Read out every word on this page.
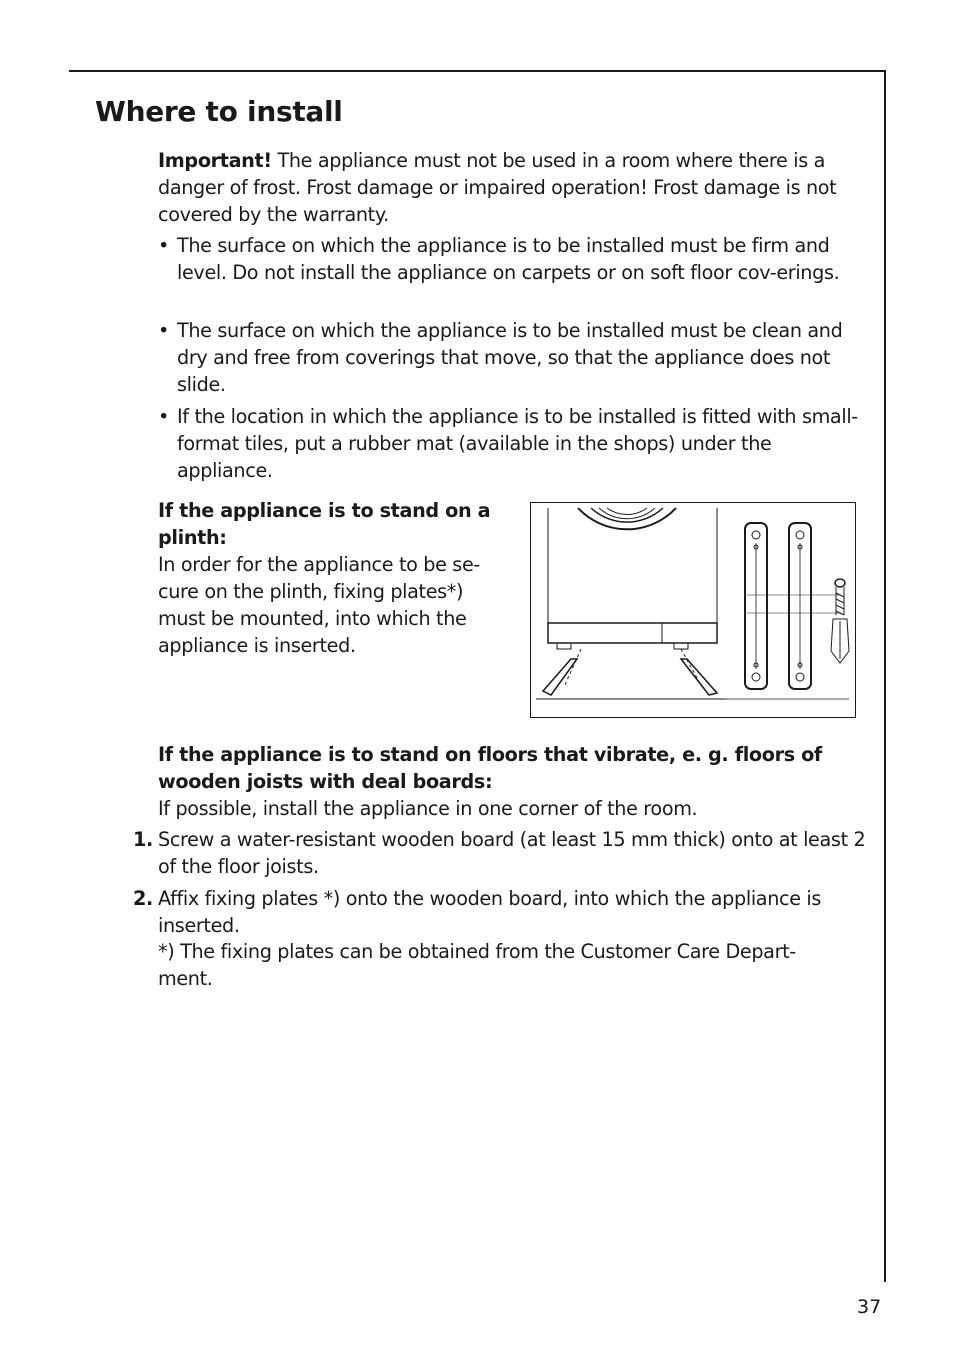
Where to install
Important! The appliance must not be used in a room where there is a danger of frost. Frost damage or impaired operation! Frost damage is not covered by the warranty.
• The surface on which the appliance is to be installed must be firm and level. Do not install the appliance on carpets or on soft floor cov-erings.
• The surface on which the appliance is to be installed must be clean and dry and free from coverings that move, so that the appliance does not slide.
• If the location in which the appliance is to be installed is fitted with small-format tiles, put a rubber mat (available in the shops) under the appliance.
If the appliance is to stand on a plinth:
In order for the appliance to be se-cure on the plinth, fixing plates*) must be mounted, into which the appliance is inserted.
If the appliance is to stand on floors that vibrate, e. g. floors of wooden joists with deal boards:
If possible, install the appliance in one corner of the room.
1. Screw a water-resistant wooden board (at least 15 mm thick) onto at least 2 of the floor joists.
2. Affix fixing plates *) onto the wooden board, into which the appliance is inserted.
*) The fixing plates can be obtained from the Customer Care Depart-ment.
37
